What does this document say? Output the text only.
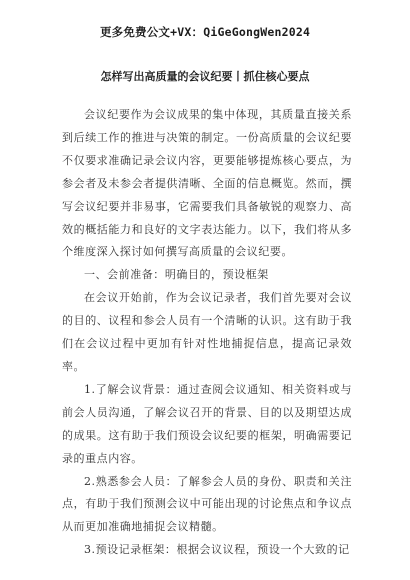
更多免费公文+VX：QiGeGongWen2024
怎样写出高质量的会议纪要丨抓住核心要点

会议纪要作为会议成果的集中体现，其质量直接关系到后续工作的推进与决策的制定。一份高质量的会议纪要不仅要求准确记录会议内容，更要能够提炼核心要点，为参会者及未参会者提供清晰、全面的信息概览。然而，撰写会议纪要并非易事，它需要我们具备敏锐的观察力、高效的概括能力和良好的文字表达能力。以下，我们将从多个维度深入探讨如何撰写高质量的会议纪要。

一、会前准备：明确目的，预设框架

在会议开始前，作为会议记录者，我们首先要对会议的目的、议程和参会人员有一个清晰的认识。这有助于我们在会议过程中更加有针对性地捕捉信息，提高记录效率。

1.了解会议背景：通过查阅会议通知、相关资料或与前会人员沟通，了解会议召开的背景、目的以及期望达成的成果。这有助于我们预设会议纪要的框架，明确需要记录的重点内容。

2.熟悉参会人员：了解参会人员的身份、职责和关注点，有助于我们预测会议中可能出现的讨论焦点和争议点从而更加准确地捕捉会议精髓。

3.预设记录框架：根据会议议程，预设一个大致的记
